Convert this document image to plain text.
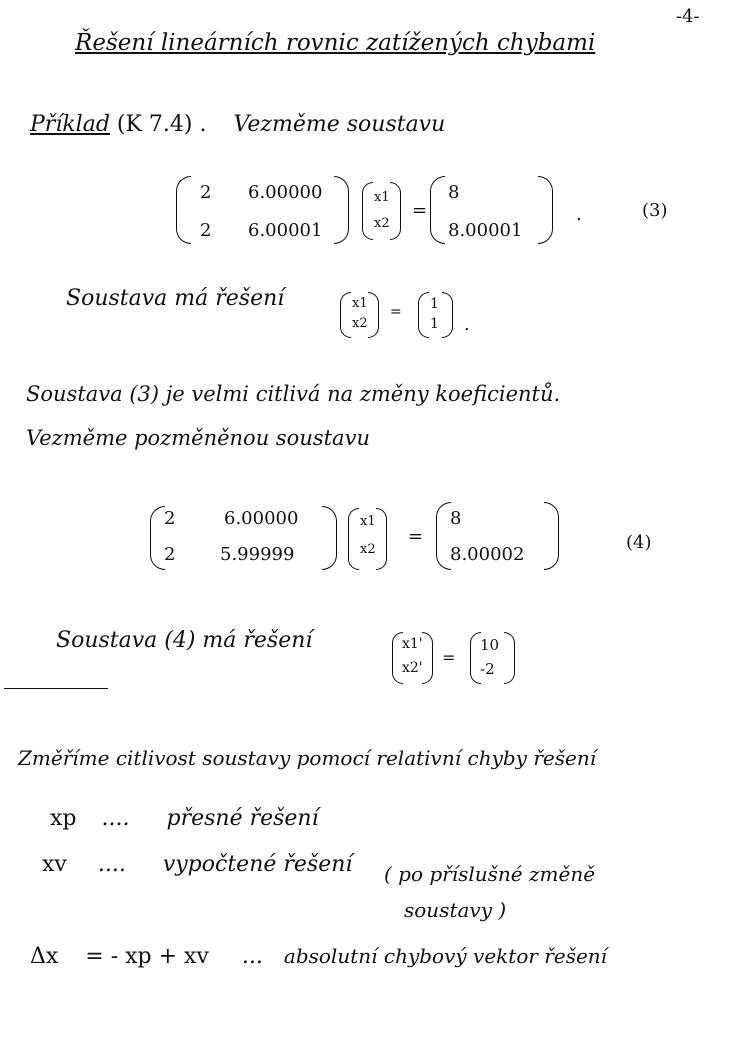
-4-
Řešení lineárních rovnic zatížených chybami
Příklad (K 7.4) . Vezměme soustavu
2 6.00000
2 6.00001
x1
x2
=
8
8.00001
.	(3)
Soustava má řešení	x1
x2
= 1
1 .
Soustava (3) je velmi citlivá na změny koeficientů.
Vezměme pozměněnou soustavu
2	6.00000
2 5.99999
x1
x2
=
8
8.00002
(4)
Soustava (4) má řešení	x1'
x2'
=
10
-2
Změříme citlivost soustavy pomocí relativní chyby řešení
xp .... přesné řešení
xv .... vypočtené řešení ( po příslušné změně
soustavy )
Δx = - xp + xv ... absolutní chybový vektor řešení
